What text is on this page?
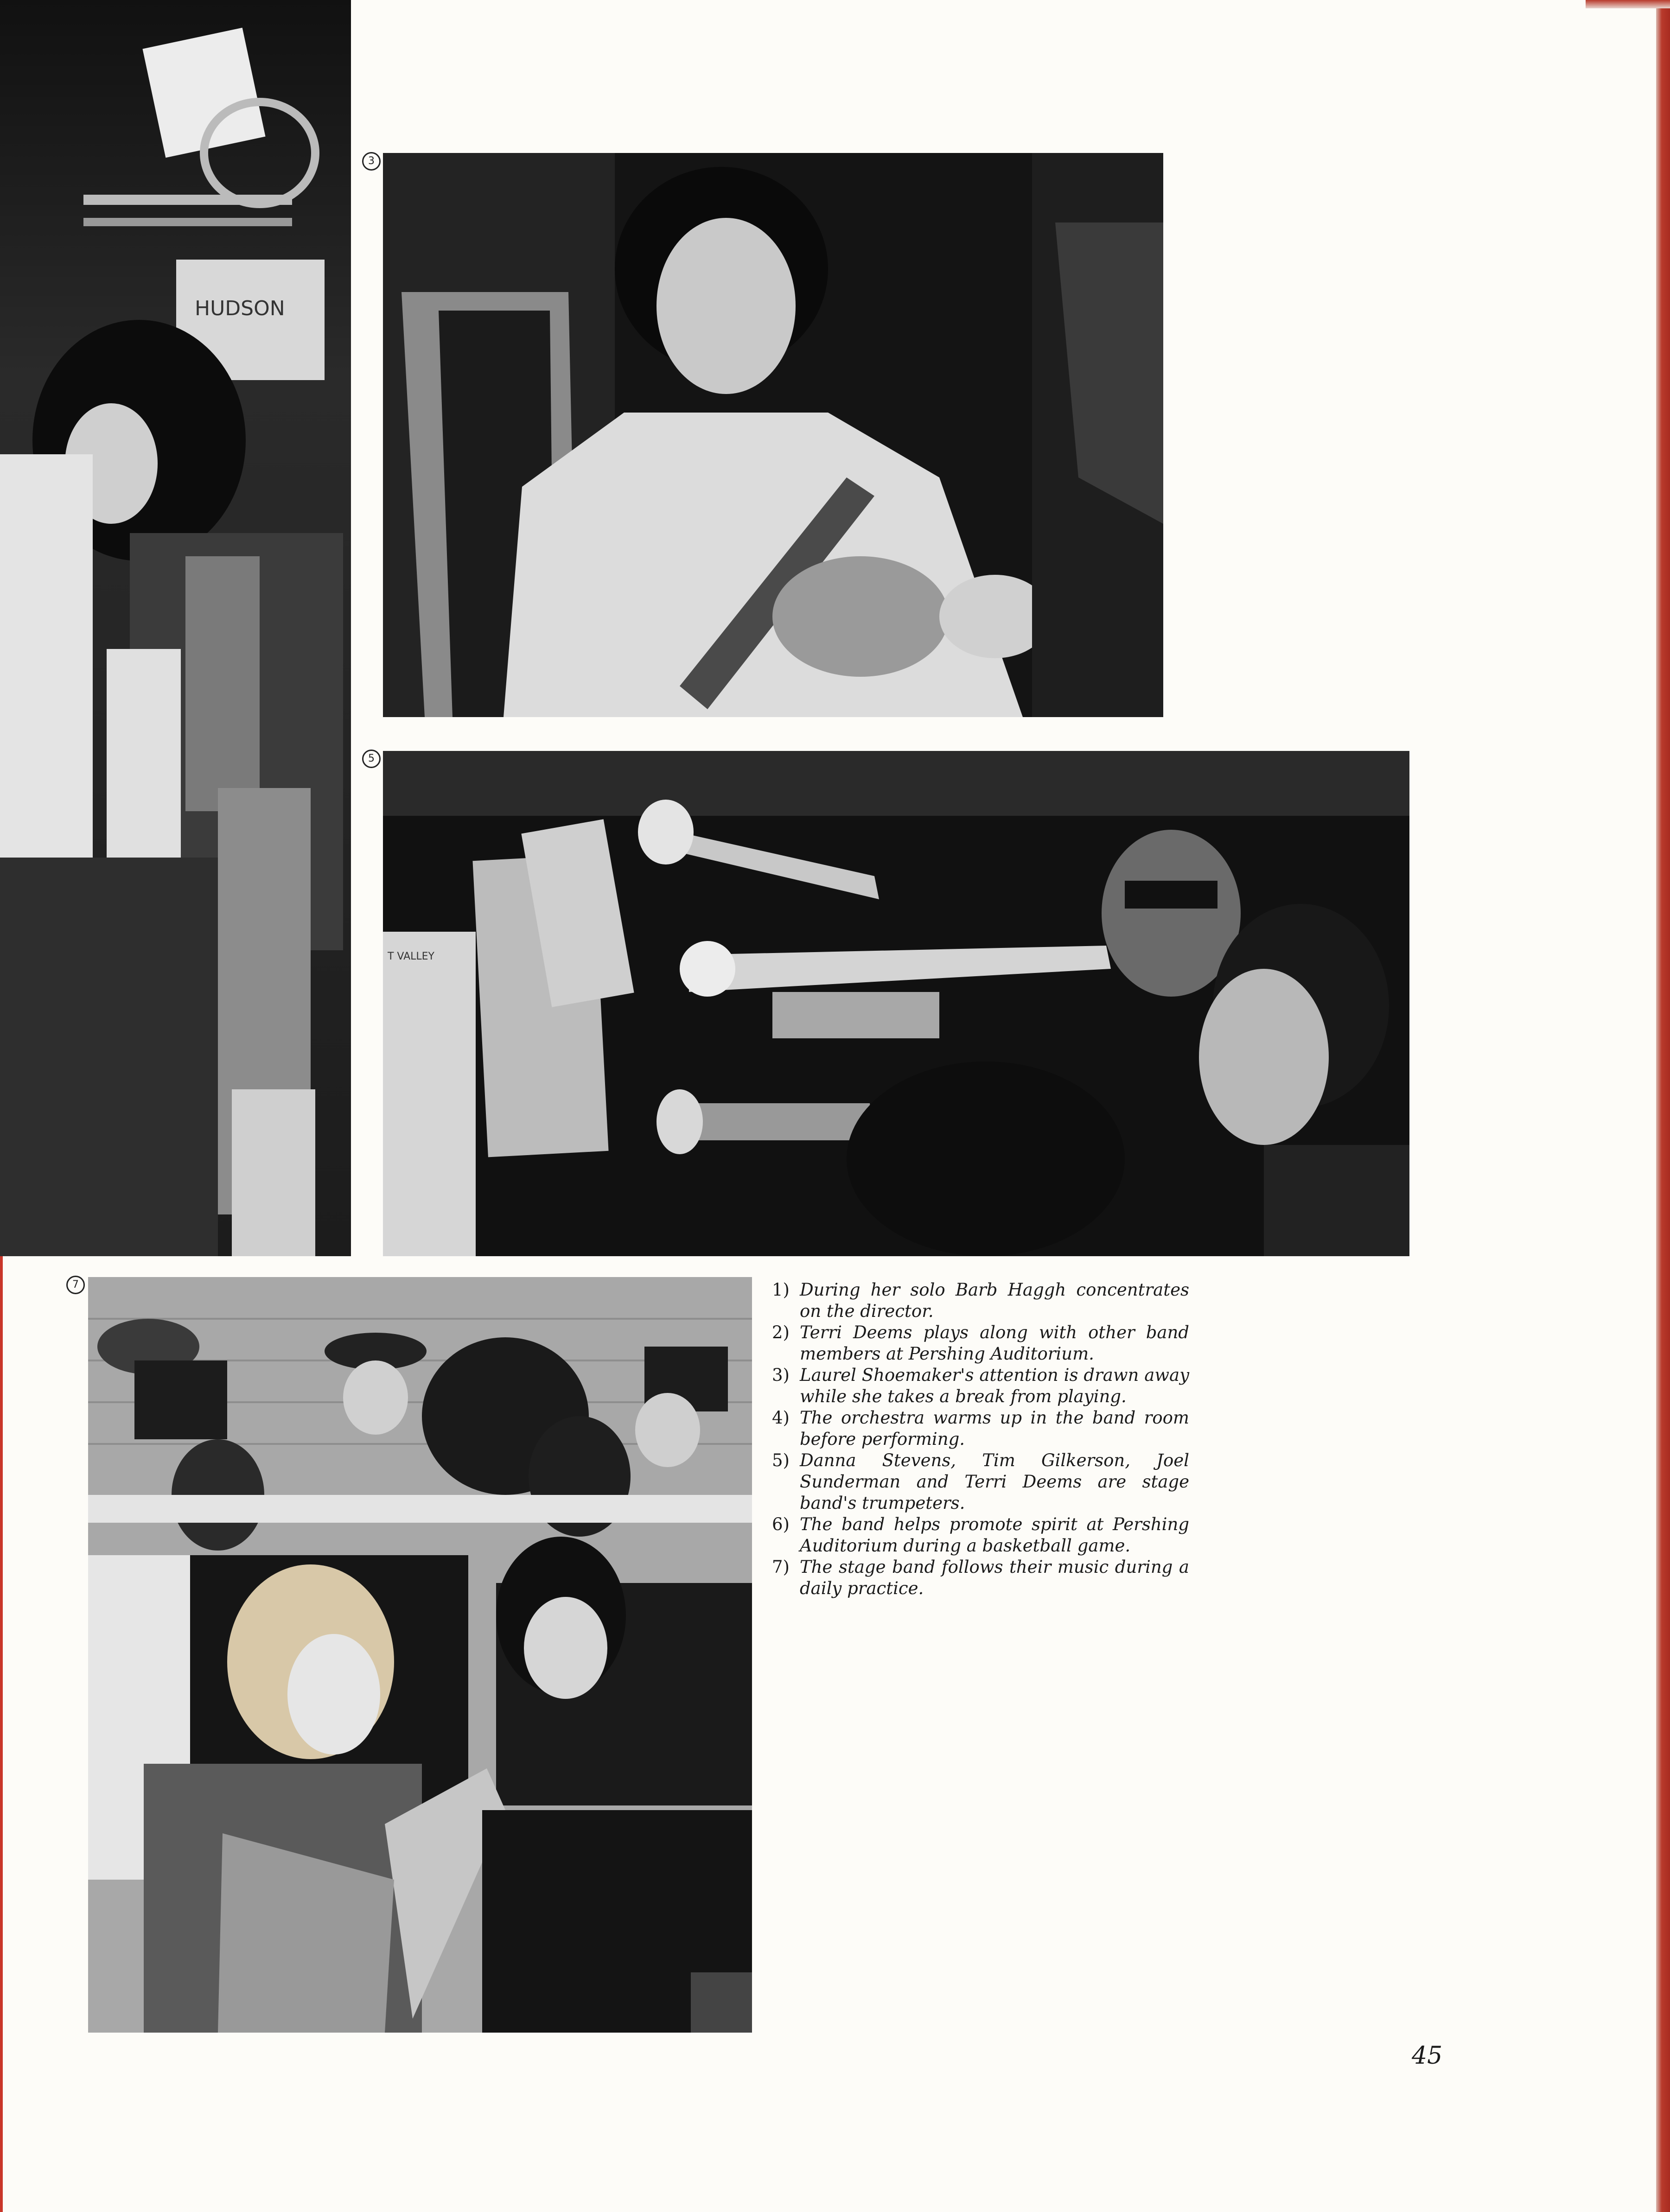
HUDSON
T VALLEY
3
5
7	1) During her solo Barb Haggh concentrates on the director.
2) Terri Deems plays along with other band members at Pershing Auditorium.
3) Laurel Shoemaker's attention is drawn away while she takes a break from playing.
4) The orchestra warms up in the band room before performing.
5) Danna Stevens, Tim Gilkerson, Joel Sunderman and Terri Deems are stage band's trumpeters.
6) The band helps promote spirit at Pershing Auditorium during a basketball game.
7) The stage band follows their music during a daily practice.
45
